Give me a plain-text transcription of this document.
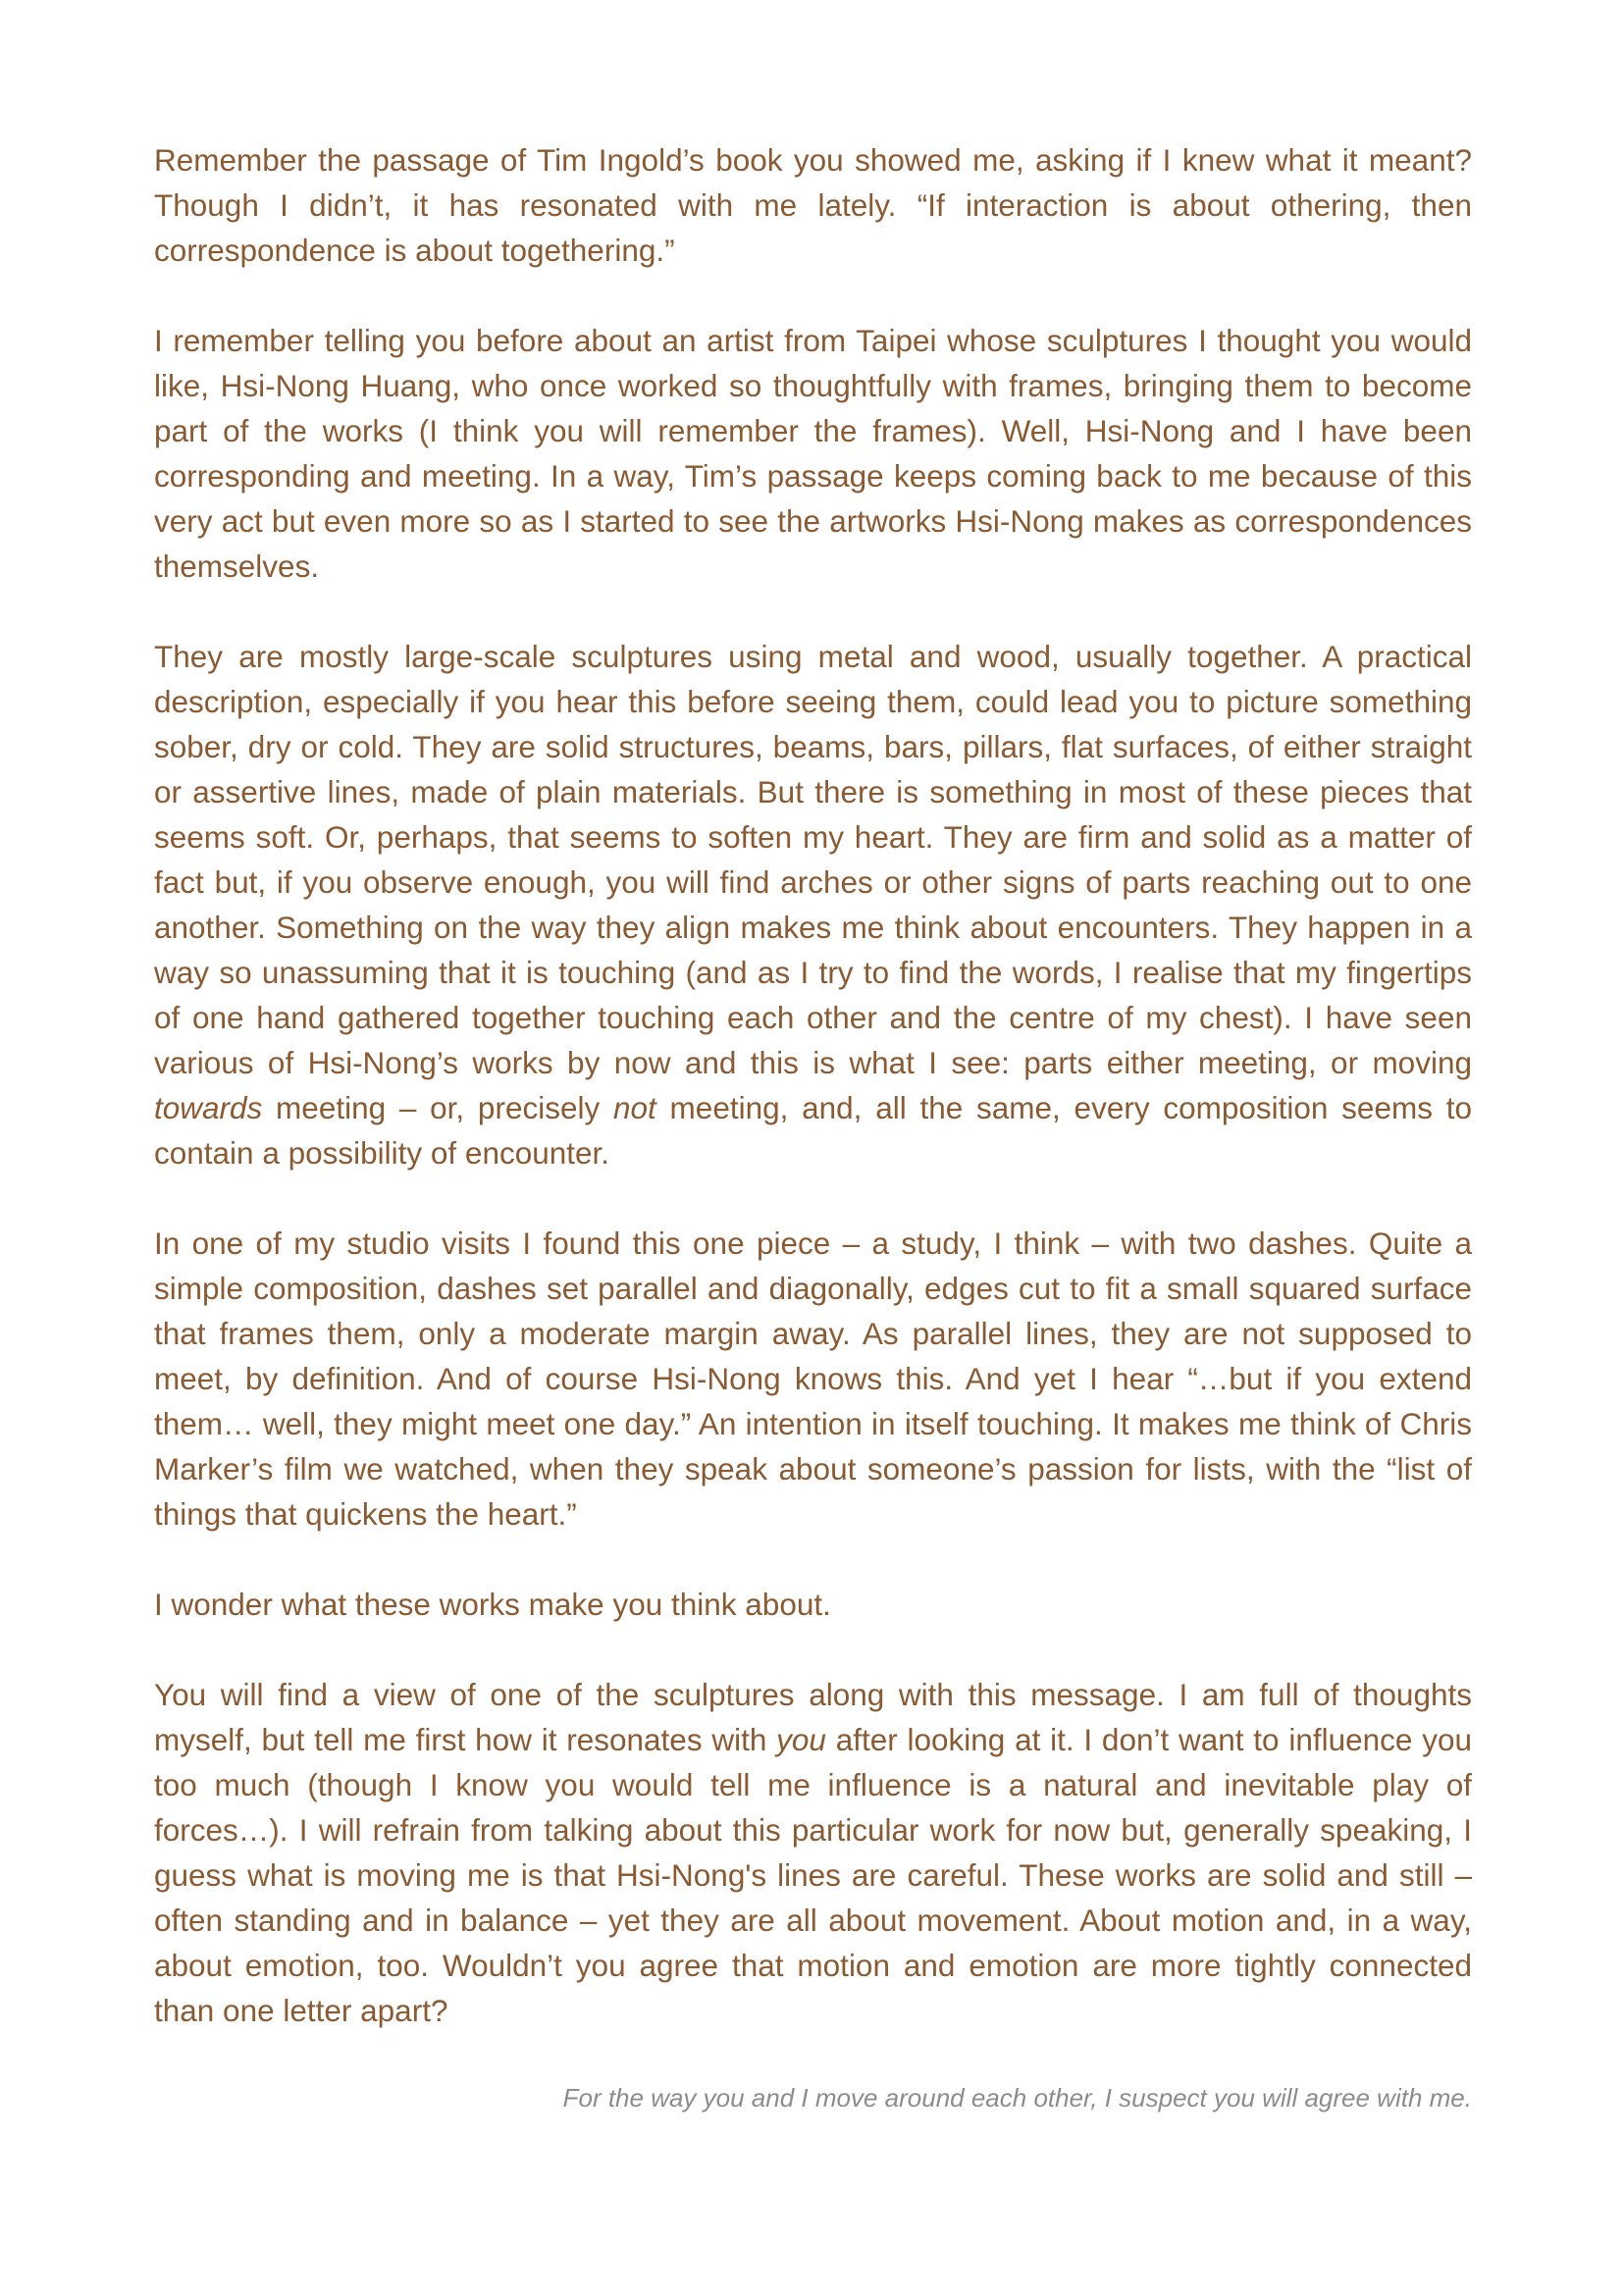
Remember the passage of Tim Ingold’s book you showed me, asking if I knew what it meant? Though I didn’t, it has resonated with me lately. “If interaction is about othering, then correspondence is about togethering.”

I remember telling you before about an artist from Taipei whose sculptures I thought you would like, Hsi-Nong Huang, who once worked so thoughtfully with frames, bringing them to become part of the works (I think you will remember the frames). Well, Hsi-Nong and I have been corresponding and meeting. In a way, Tim’s passage keeps coming back to me because of this very act but even more so as I started to see the artworks Hsi-Nong makes as correspondences themselves.

They are mostly large-scale sculptures using metal and wood, usually together. A practical description, especially if you hear this before seeing them, could lead you to picture something sober, dry or cold. They are solid structures, beams, bars, pillars, flat surfaces, of either straight or assertive lines, made of plain materials. But there is something in most of these pieces that seems soft. Or, perhaps, that seems to soften my heart. They are firm and solid as a matter of fact but, if you observe enough, you will find arches or other signs of parts reaching out to one another. Something on the way they align makes me think about encounters. They happen in a way so unassuming that it is touching (and as I try to find the words, I realise that my fingertips of one hand gathered together touching each other and the centre of my chest). I have seen various of Hsi-Nong’s works by now and this is what I see: parts either meeting, or moving towards meeting – or, precisely not meeting, and, all the same, every composition seems to contain a possibility of encounter.

In one of my studio visits I found this one piece – a study, I think – with two dashes. Quite a simple composition, dashes set parallel and diagonally, edges cut to fit a small squared surface that frames them, only a moderate margin away. As parallel lines, they are not supposed to meet, by definition. And of course Hsi-Nong knows this. And yet I hear “…but if you extend them… well, they might meet one day.” An intention in itself touching. It makes me think of Chris Marker’s film we watched, when they speak about someone’s passion for lists, with the “list of things that quickens the heart.”

I wonder what these works make you think about.

You will find a view of one of the sculptures along with this message. I am full of thoughts myself, but tell me first how it resonates with you after looking at it. I don’t want to influence you too much (though I know you would tell me influence is a natural and inevitable play of forces…). I will refrain from talking about this particular work for now but, generally speaking, I guess what is moving me is that Hsi-Nong's lines are careful. These works are solid and still – often standing and in balance – yet they are all about movement. About motion and, in a way, about emotion, too. Wouldn’t you agree that motion and emotion are more tightly connected than one letter apart?

For the way you and I move around each other, I suspect you will agree with me.
